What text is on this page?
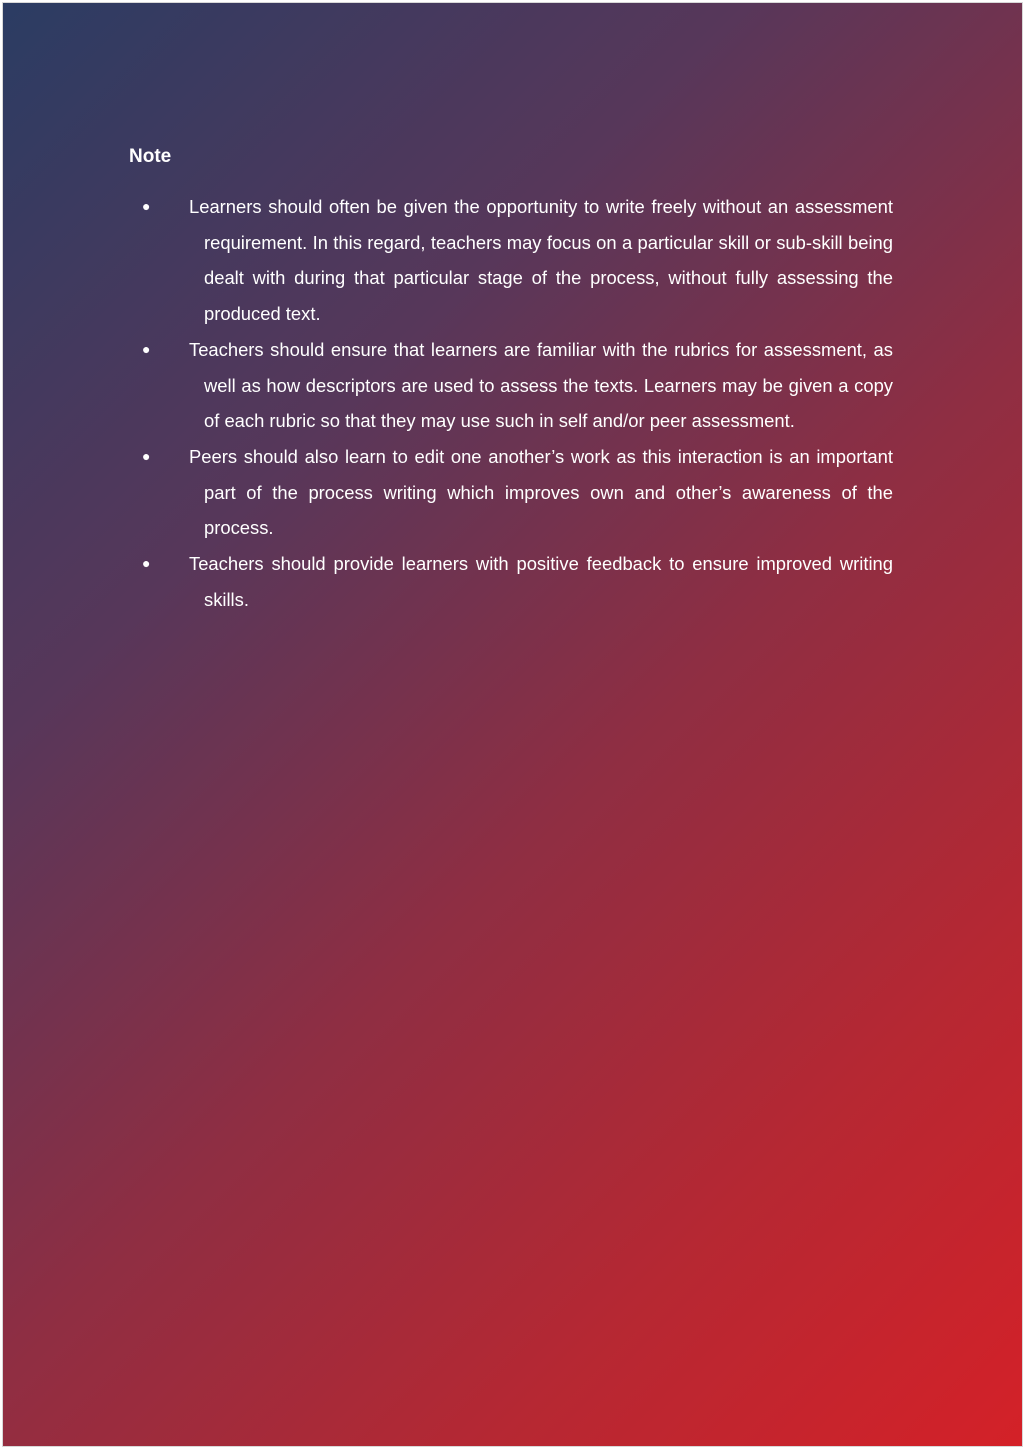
Note
● Learners should often be given the opportunity to write freely without an assessment requirement. In this regard, teachers may focus on a particular skill or sub-skill being dealt with during that particular stage of the process, without fully assessing the produced text.
● Teachers should ensure that learners are familiar with the rubrics for assessment, as well as how descriptors are used to assess the texts. Learners may be given a copy of each rubric so that they may use such in self and/or peer assessment.
● Peers should also learn to edit one another’s work as this interaction is an important part of the process writing which improves own and other’s awareness of the process.
● Teachers should provide learners with positive feedback to ensure improved writing skills.
